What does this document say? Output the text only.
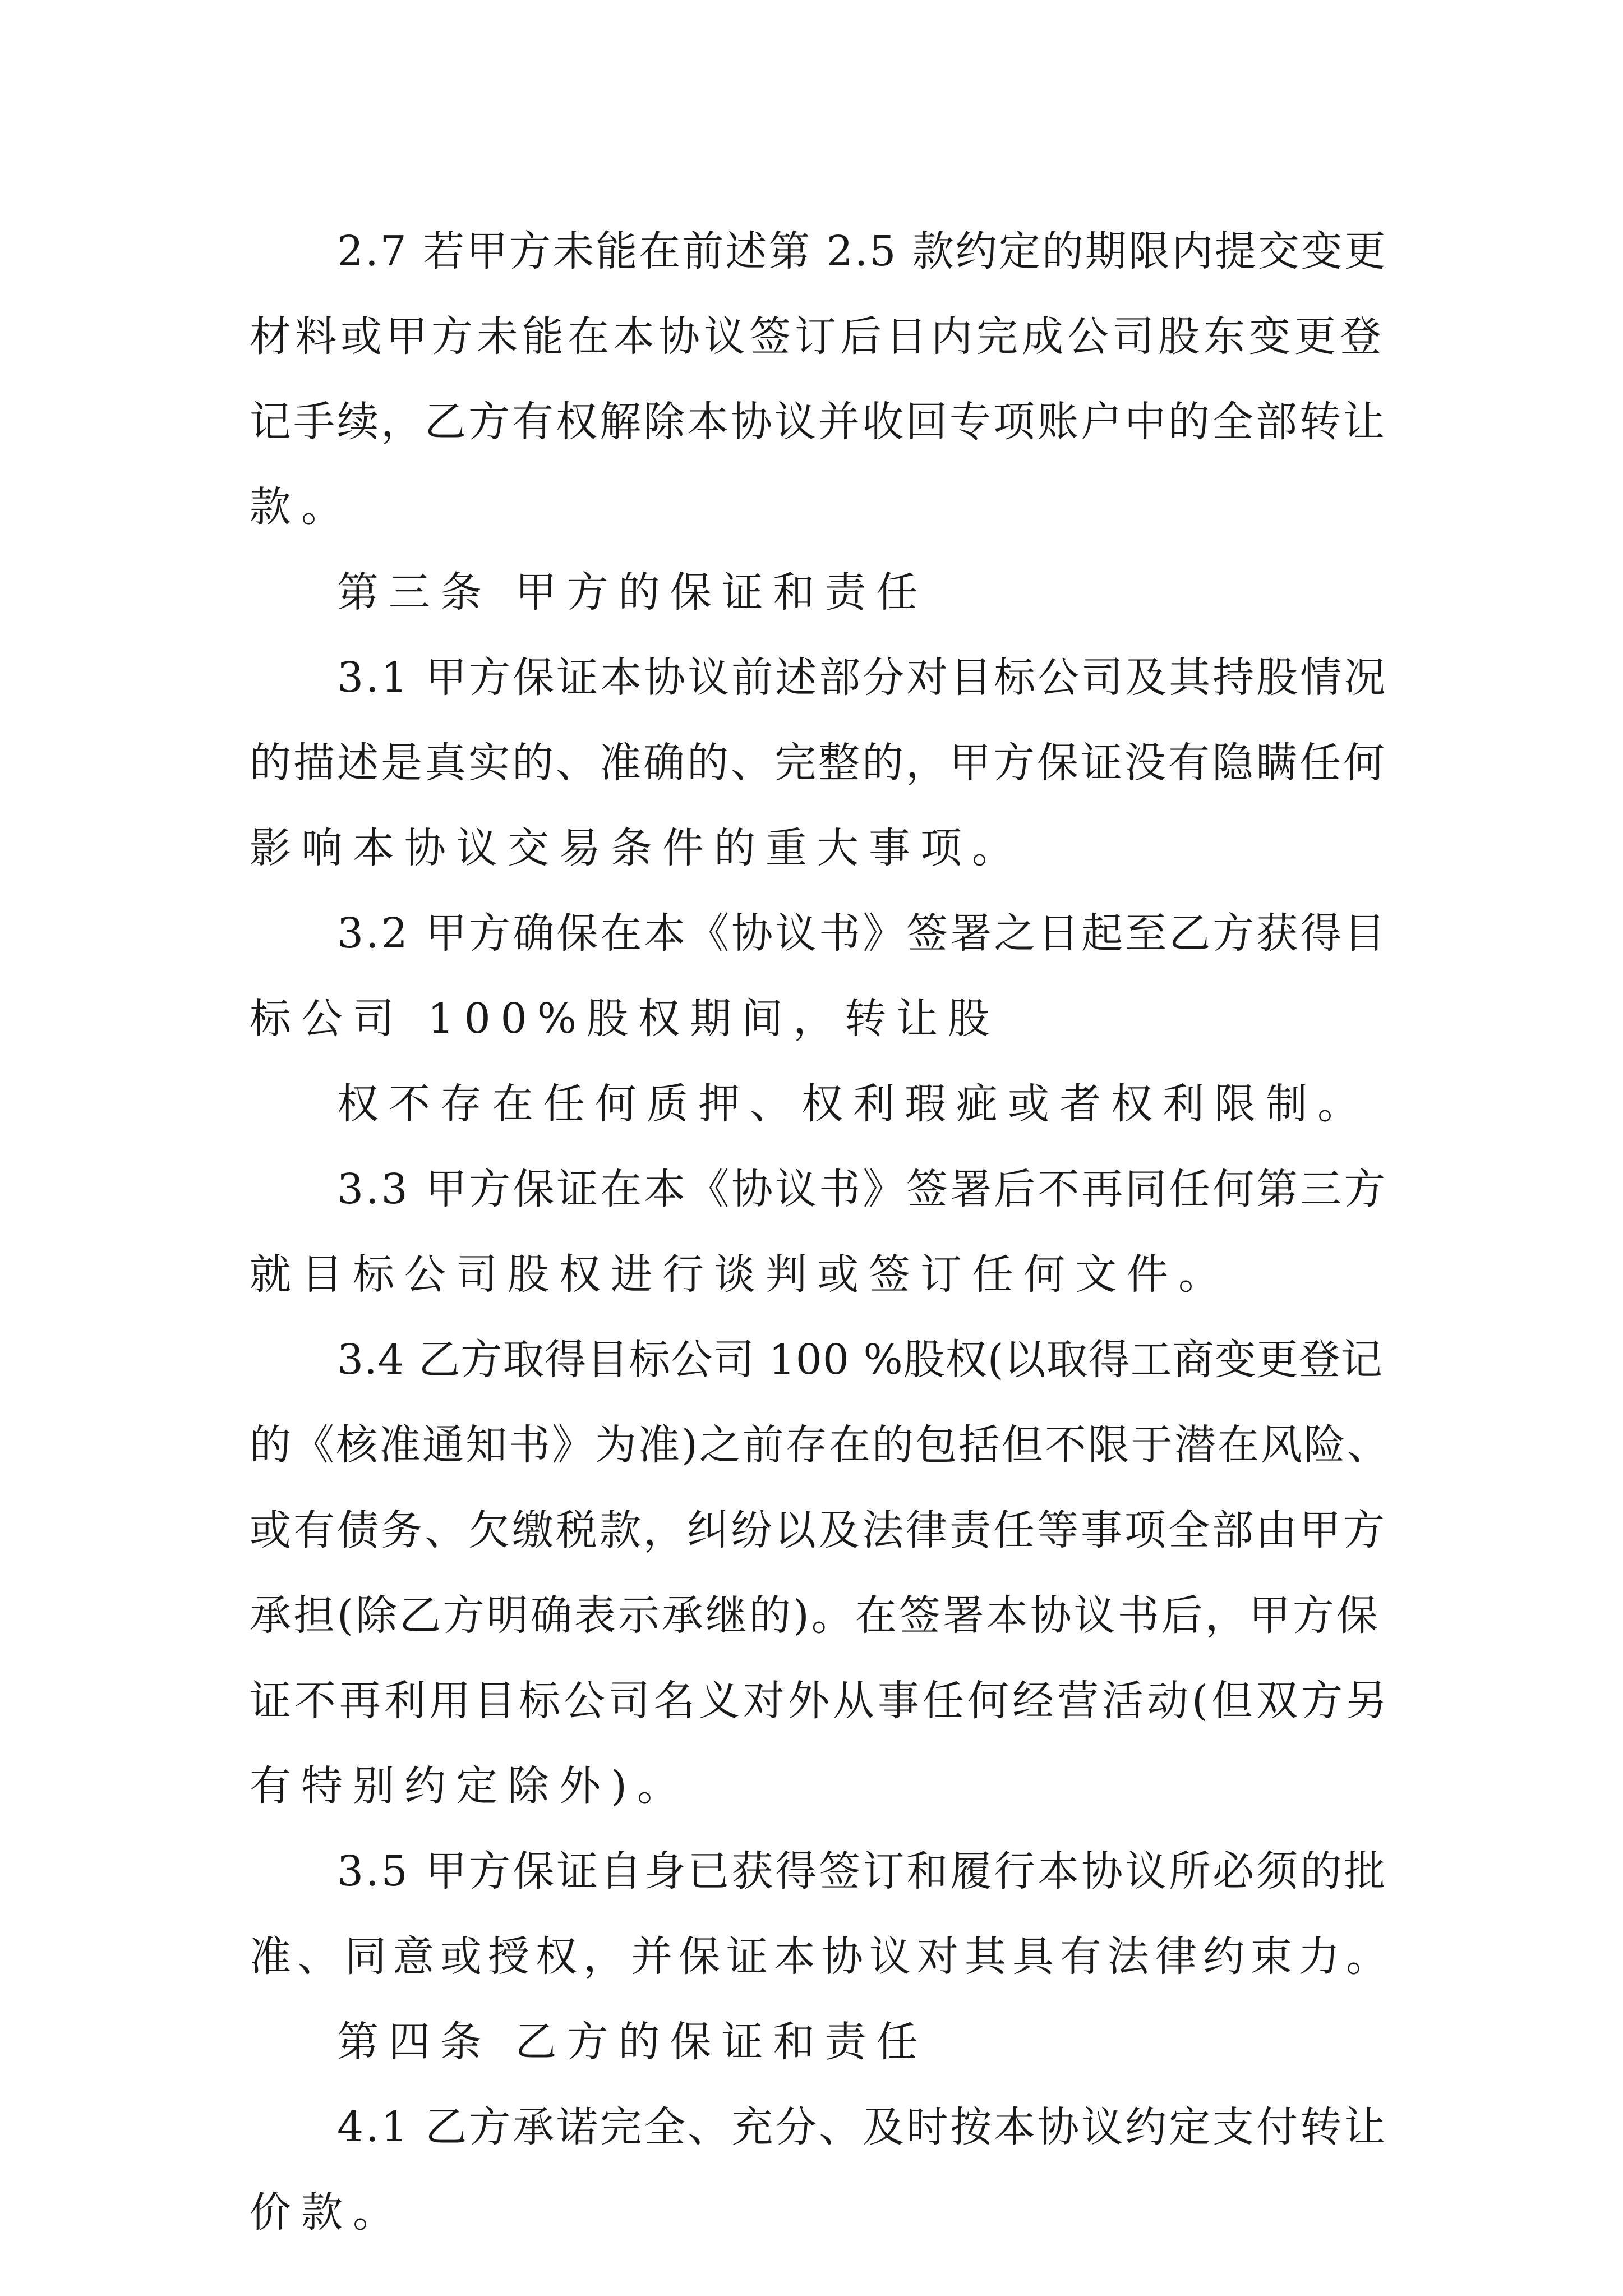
2.7 若甲方未能在前述第 2.5 款约定的期限内提交变更
材料或甲方未能在本协议签订后日内完成公司股东变更登
记手续，乙方有权解除本协议并收回专项账户中的全部转让
款。
第三条 甲方的保证和责任
3.1 甲方保证本协议前述部分对目标公司及其持股情况
的描述是真实的、准确的、完整的，甲方保证没有隐瞒任何
影响本协议交易条件的重大事项。
3.2 甲方确保在本《协议书》签署之日起至乙方获得目
标公司 100%股权期间，转让股
权不存在任何质押、权利瑕疵或者权利限制。
3.3 甲方保证在本《协议书》签署后不再同任何第三方
就目标公司股权进行谈判或签订任何文件。
3.4 乙方取得目标公司 100 %股权(以取得工商变更登记
的《核准通知书》为准)之前存在的包括但不限于潜在风险、
或有债务、欠缴税款，纠纷以及法律责任等事项全部由甲方
承担(除乙方明确表示承继的)。在签署本协议书后，甲方保
证不再利用目标公司名义对外从事任何经营活动(但双方另
有特别约定除外)。
3.5 甲方保证自身已获得签订和履行本协议所必须的批
准、同意或授权，并保证本协议对其具有法律约束力。
第四条 乙方的保证和责任
4.1 乙方承诺完全、充分、及时按本协议约定支付转让
价款。
